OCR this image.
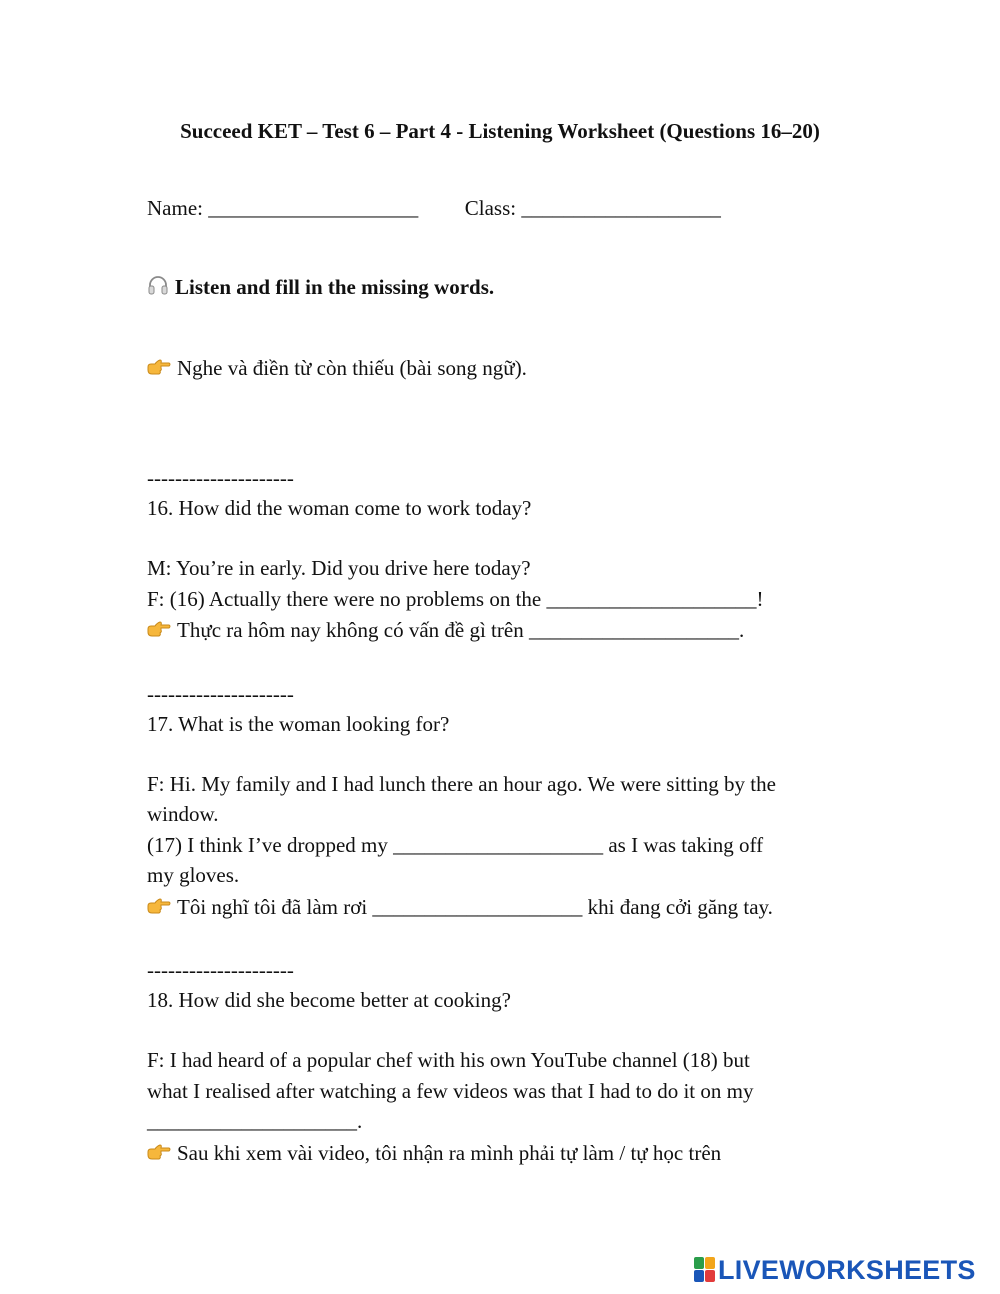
Succeed KET – Test 6 – Part 4 - Listening Worksheet (Questions 16–20)
Name: ____________________ Class: ___________________
Listen and fill in the missing words.
Nghe và điền từ còn thiếu (bài song ngữ).
---------------------
16. How did the woman come to work today?
M: You’re in early. Did you drive here today?
F: (16) Actually there were no problems on the ____________________!
Thực ra hôm nay không có vấn đề gì trên ____________________.
---------------------
17. What is the woman looking for?
F: Hi. My family and I had lunch there an hour ago. We were sitting by the
window.
(17) I think I’ve dropped my ____________________ as I was taking off
my gloves.
Tôi nghĩ tôi đã làm rơi ____________________ khi đang cởi găng tay.
---------------------
18. How did she become better at cooking?
F: I had heard of a popular chef with his own YouTube channel (18) but
what I realised after watching a few videos was that I had to do it on my
____________________.
Sau khi xem vài video, tôi nhận ra mình phải tự làm / tự học trên
LIVEWORKSHEETS
